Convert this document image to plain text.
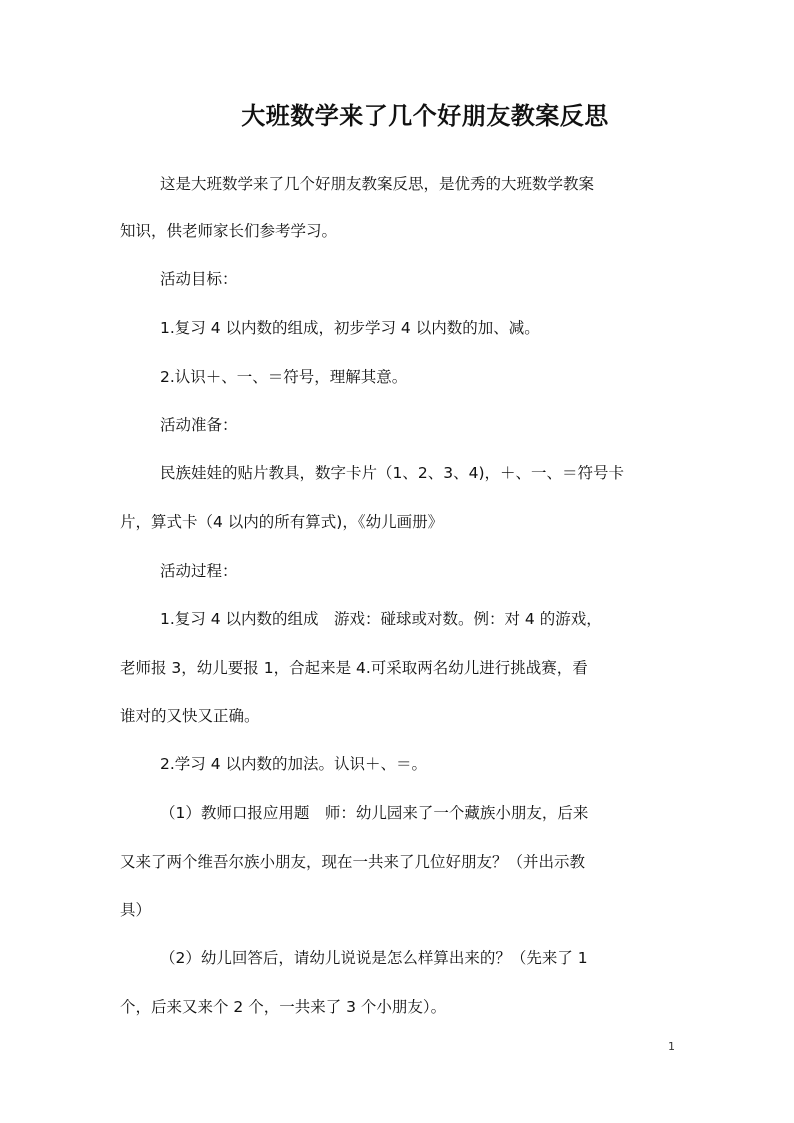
大班数学来了几个好朋友教案反思
这是大班数学来了几个好朋友教案反思，是优秀的大班数学教案
知识，供老师家长们参考学习。
活动目标：
1.复习 4 以内数的组成，初步学习 4 以内数的加、减。
2.认识＋、一、＝符号，理解其意。
活动准备：
民族娃娃的贴片教具，数字卡片（1、2、3、4)，＋、一、＝符号卡
片，算式卡（4 以内的所有算式)，《幼儿画册》
活动过程：
1.复习 4 以内数的组成　游戏：碰球或对数。例：对 4 的游戏，
老师报 3，幼儿要报 1，合起来是 4.可采取两名幼儿进行挑战赛，看
谁对的又快又正确。
2.学习 4 以内数的加法。认识＋、＝。
（1）教师口报应用题　师：幼儿园来了一个藏族小朋友，后来
又来了两个维吾尔族小朋友，现在一共来了几位好朋友？（并出示教
具）
（2）幼儿回答后，请幼儿说说是怎么样算出来的？（先来了 1
个，后来又来个 2 个，一共来了 3 个小朋友）。
1
